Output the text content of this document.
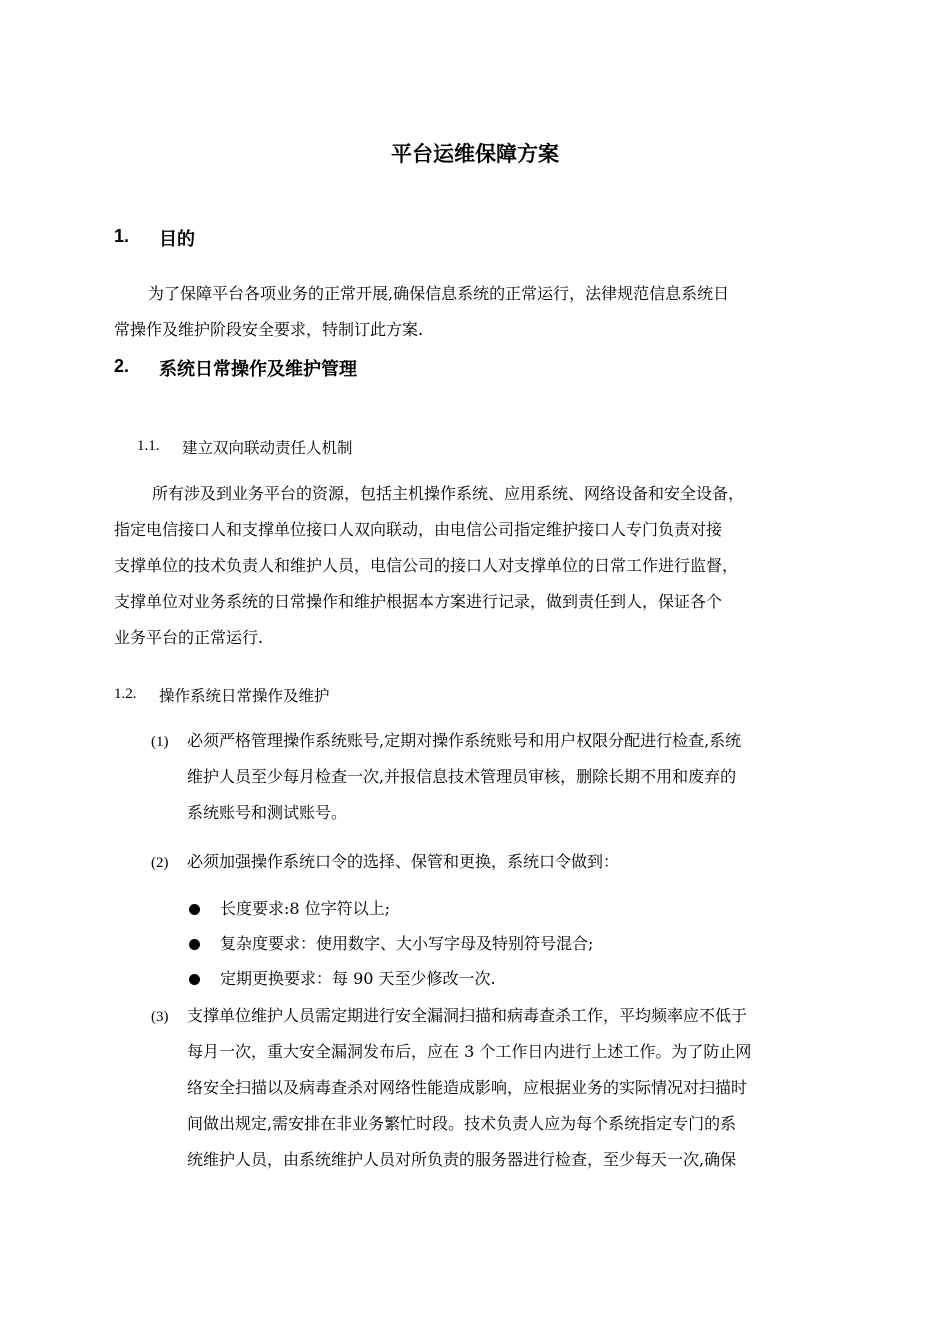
平台运维保障方案
1. 目的
为了保障平台各项业务的正常开展,确保信息系统的正常运行，法律规范信息系统日
常操作及维护阶段安全要求，特制订此方案.
2. 系统日常操作及维护管理
1.1. 建立双向联动责任人机制
所有涉及到业务平台的资源，包括主机操作系统、应用系统、网络设备和安全设备，
指定电信接口人和支撑单位接口人双向联动，由电信公司指定维护接口人专门负责对接
支撑单位的技术负责人和维护人员，电信公司的接口人对支撑单位的日常工作进行监督，
支撑单位对业务系统的日常操作和维护根据本方案进行记录，做到责任到人，保证各个
业务平台的正常运行.
1.2. 操作系统日常操作及维护
(1) 必须严格管理操作系统账号,定期对操作系统账号和用户权限分配进行检查,系统
维护人员至少每月检查一次,并报信息技术管理员审核，删除长期不用和废弃的
系统账号和测试账号。
(2) 必须加强操作系统口令的选择、保管和更换，系统口令做到：
长度要求:8 位字符以上;
复杂度要求：使用数字、大小写字母及特别符号混合;
定期更换要求：每 90 天至少修改一次.
(3) 支撑单位维护人员需定期进行安全漏洞扫描和病毒查杀工作，平均频率应不低于
每月一次，重大安全漏洞发布后，应在 3 个工作日内进行上述工作。为了防止网
络安全扫描以及病毒查杀对网络性能造成影响，应根据业务的实际情况对扫描时
间做出规定,需安排在非业务繁忙时段。技术负责人应为每个系统指定专门的系
统维护人员，由系统维护人员对所负责的服务器进行检查，至少每天一次,确保
